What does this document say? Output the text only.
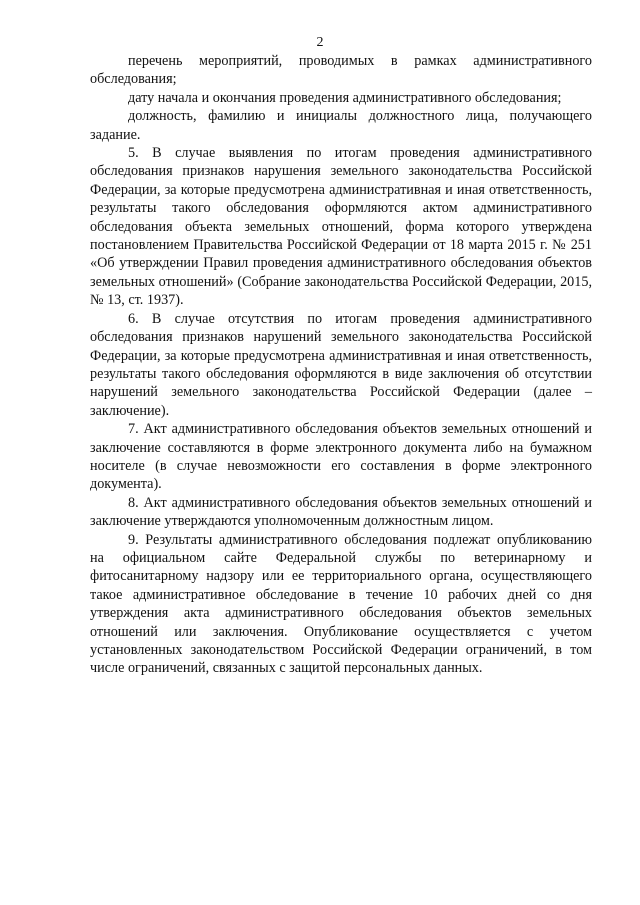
2

перечень мероприятий, проводимых в рамках административного обследования;

дату начала и окончания проведения административного обследования;

должность, фамилию и инициалы должностного лица, получающего задание.

5. В случае выявления по итогам проведения административного обследования признаков нарушения земельного законодательства Российской Федерации, за которые предусмотрена административная и иная ответственность, результаты такого обследования оформляются актом административного обследования объекта земельных отношений, форма которого утверждена постановлением Правительства Российской Федерации от 18 марта 2015 г. № 251 «Об утверждении Правил проведения административного обследования объектов земельных отношений» (Собрание законодательства Российской Федерации, 2015, № 13, ст. 1937).

6. В случае отсутствия по итогам проведения административного обследования признаков нарушений земельного законодательства Российской Федерации, за которые предусмотрена административная и иная ответственность, результаты такого обследования оформляются в виде заключения об отсутствии нарушений земельного законодательства Российской Федерации (далее – заключение).

7. Акт административного обследования объектов земельных отношений и заключение составляются в форме электронного документа либо на бумажном носителе (в случае невозможности его составления в форме электронного документа).

8. Акт административного обследования объектов земельных отношений и заключение утверждаются уполномоченным должностным лицом.

9. Результаты административного обследования подлежат опубликованию на официальном сайте Федеральной службы по ветеринарному и фитосанитарному надзору или ее территориального органа, осуществляющего такое административное обследование в течение 10 рабочих дней со дня утверждения акта административного обследования объектов земельных отношений или заключения. Опубликование осуществляется с учетом установленных законодательством Российской Федерации ограничений, в том числе ограничений, связанных с защитой персональных данных.
